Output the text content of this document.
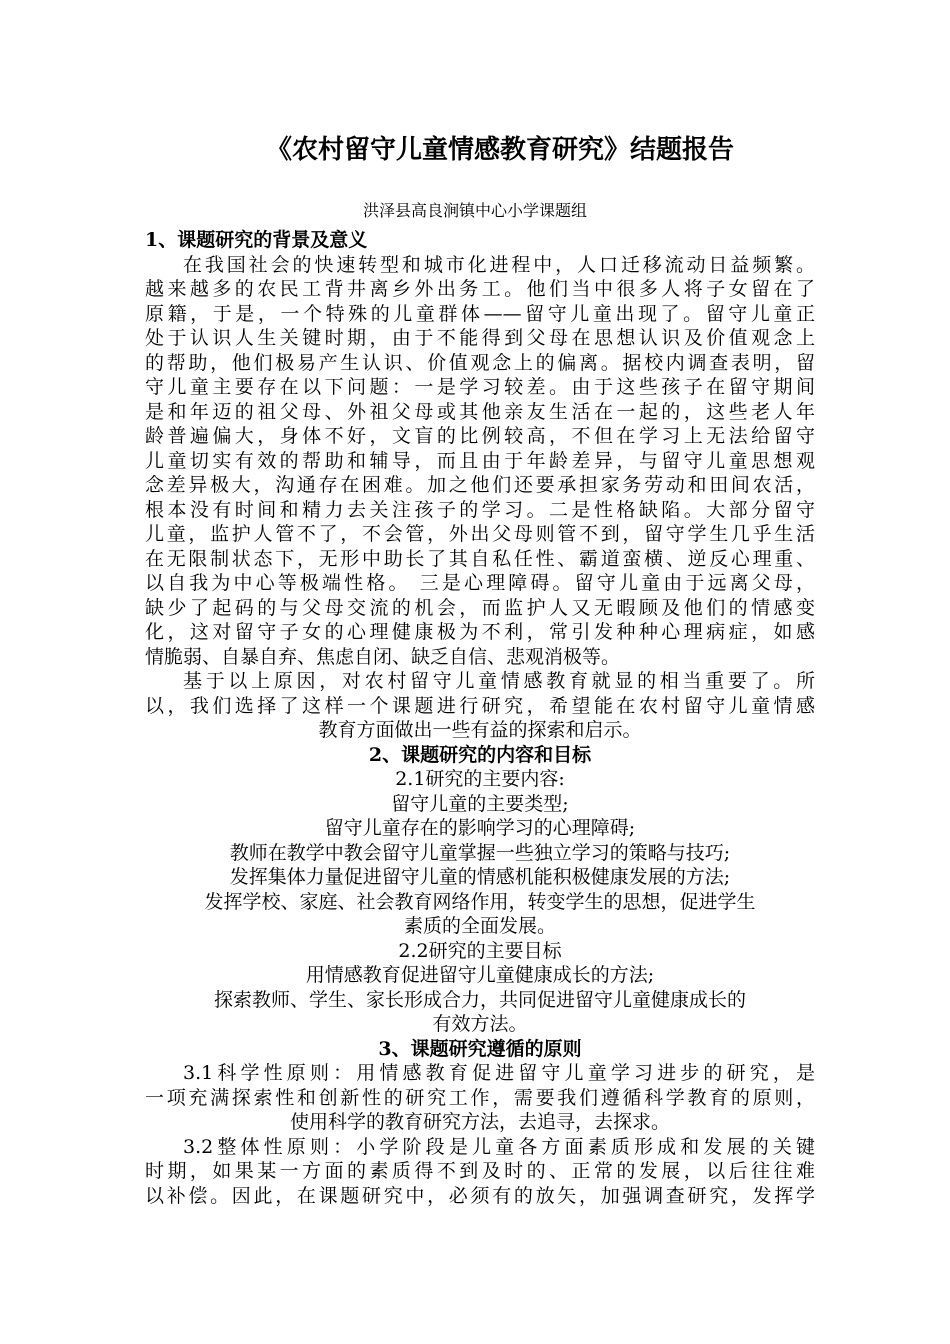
《农村留守儿童情感教育研究》结题报告
洪泽县高良涧镇中心小学课题组
1、课题研究的背景及意义
在我国社会的快速转型和城市化进程中，人口迁移流动日益频繁。
越来越多的农民工背井离乡外出务工。他们当中很多人将子女留在了
原籍，于是，一个特殊的儿童群体——留守儿童出现了。留守儿童正
处于认识人生关键时期，由于不能得到父母在思想认识及价值观念上
的帮助，他们极易产生认识、价值观念上的偏离。据校内调查表明，留
守儿童主要存在以下问题：一是学习较差。由于这些孩子在留守期间
是和年迈的祖父母、外祖父母或其他亲友生活在一起的，这些老人年
龄普遍偏大，身体不好，文盲的比例较高，不但在学习上无法给留守
儿童切实有效的帮助和辅导，而且由于年龄差异，与留守儿童思想观
念差异极大，沟通存在困难。加之他们还要承担家务劳动和田间农活，
根本没有时间和精力去关注孩子的学习。二是性格缺陷。大部分留守
儿童，监护人管不了，不会管，外出父母则管不到，留守学生几乎生活
在无限制状态下，无形中助长了其自私任性、霸道蛮横、逆反心理重、
以自我为中心等极端性格。 三是心理障碍。留守儿童由于远离父母，
缺少了起码的与父母交流的机会，而监护人又无暇顾及他们的情感变
化，这对留守子女的心理健康极为不利，常引发种种心理病症，如感
情脆弱、自暴自弃、焦虑自闭、缺乏自信、悲观消极等。
基于以上原因，对农村留守儿童情感教育就显的相当重要了。所
以，我们选择了这样一个课题进行研究，希望能在农村留守儿童情感
教育方面做出一些有益的探索和启示。
2、课题研究的内容和目标
2.1研究的主要内容:
留守儿童的主要类型;
留守儿童存在的影响学习的心理障碍;
教师在教学中教会留守儿童掌握一些独立学习的策略与技巧;
发挥集体力量促进留守儿童的情感机能积极健康发展的方法;
发挥学校、家庭、社会教育网络作用，转变学生的思想，促进学生
素质的全面发展。
2.2研究的主要目标
用情感教育促进留守儿童健康成长的方法;
探索教师、学生、家长形成合力，共同促进留守儿童健康成长的
有效方法。
3、课题研究遵循的原则
3.1科学性原则：用情感教育促进留守儿童学习进步的研究，是
一项充满探索性和创新性的研究工作，需要我们遵循科学教育的原则，
使用科学的教育研究方法，去追寻，去探求。
3.2整体性原则：小学阶段是儿童各方面素质形成和发展的关键
时期，如果某一方面的素质得不到及时的、正常的发展，以后往往难
以补偿。因此，在课题研究中，必须有的放矢，加强调查研究，发挥学
